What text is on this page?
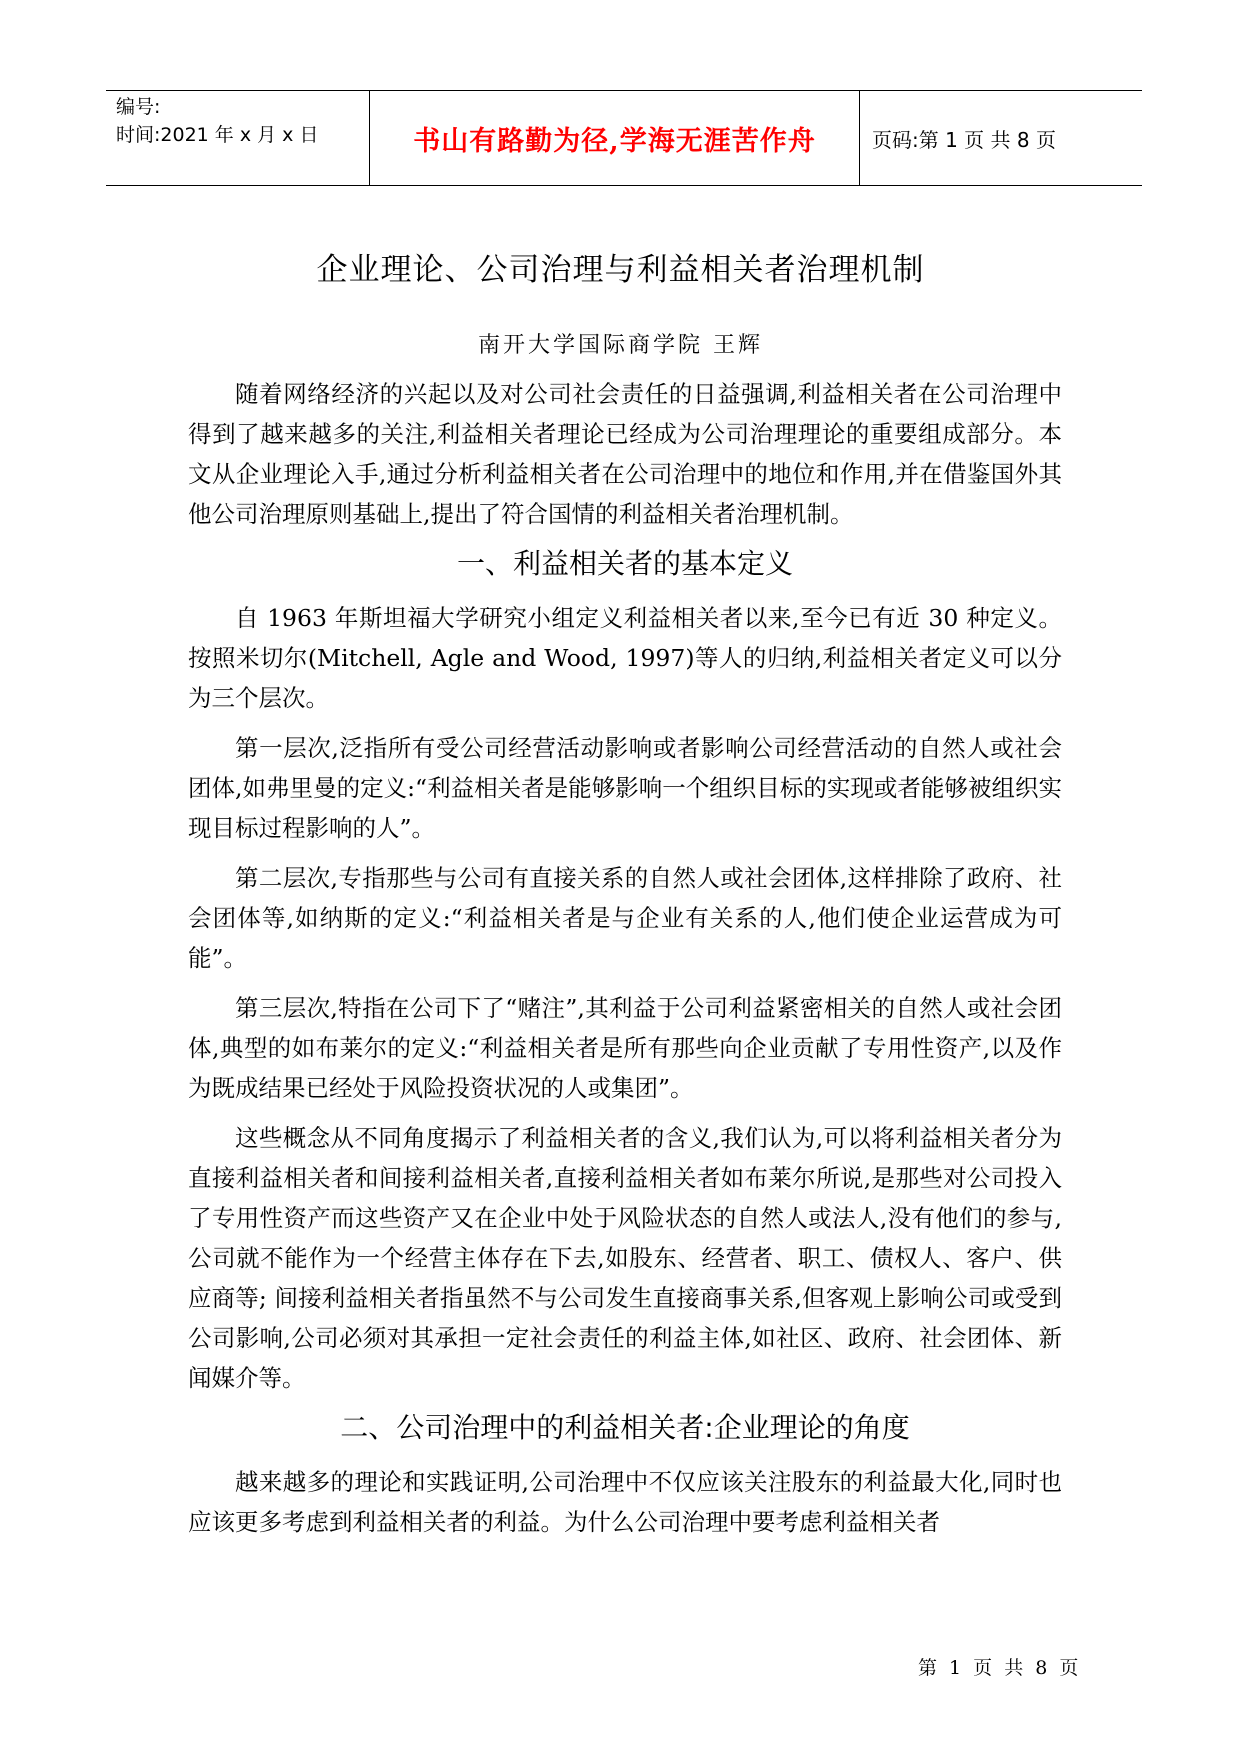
编号:
时间:2021 年 x 月 x 日	书山有路勤为径,学海无涯苦作舟	页码:第 1 页 共 8 页
企业理论、公司治理与利益相关者治理机制
南开大学国际商学院 王辉

随着网络经济的兴起以及对公司社会责任的日益强调,利益相关者在公司治理中得到了越来越多的关注,利益相关者理论已经成为公司治理理论的重要组成部分。本文从企业理论入手,通过分析利益相关者在公司治理中的地位和作用,并在借鉴国外其他公司治理原则基础上,提出了符合国情的利益相关者治理机制。

一、利益相关者的基本定义

自 1963 年斯坦福大学研究小组定义利益相关者以来,至今已有近 30 种定义。按照米切尔(Mitchell, Agle and Wood, 1997)等人的归纳,利益相关者定义可以分为三个层次。

第一层次,泛指所有受公司经营活动影响或者影响公司经营活动的自然人或社会团体,如弗里曼的定义:“利益相关者是能够影响一个组织目标的实现或者能够被组织实现目标过程影响的人”。

第二层次,专指那些与公司有直接关系的自然人或社会团体,这样排除了政府、社会团体等,如纳斯的定义:“利益相关者是与企业有关系的人,他们使企业运营成为可能”。

第三层次,特指在公司下了“赌注”,其利益于公司利益紧密相关的自然人或社会团体,典型的如布莱尔的定义:“利益相关者是所有那些向企业贡献了专用性资产,以及作为既成结果已经处于风险投资状况的人或集团”。

这些概念从不同角度揭示了利益相关者的含义,我们认为,可以将利益相关者分为直接利益相关者和间接利益相关者,直接利益相关者如布莱尔所说,是那些对公司投入了专用性资产而这些资产又在企业中处于风险状态的自然人或法人,没有他们的参与,公司就不能作为一个经营主体存在下去,如股东、经营者、职工、债权人、客户、供应商等; 间接利益相关者指虽然不与公司发生直接商事关系,但客观上影响公司或受到公司影响,公司必须对其承担一定社会责任的利益主体,如社区、政府、社会团体、新闻媒介等。

二、公司治理中的利益相关者:企业理论的角度

越来越多的理论和实践证明,公司治理中不仅应该关注股东的利益最大化,同时也应该更多考虑到利益相关者的利益。为什么公司治理中要考虑利益相关者

第 1 页 共 8 页
